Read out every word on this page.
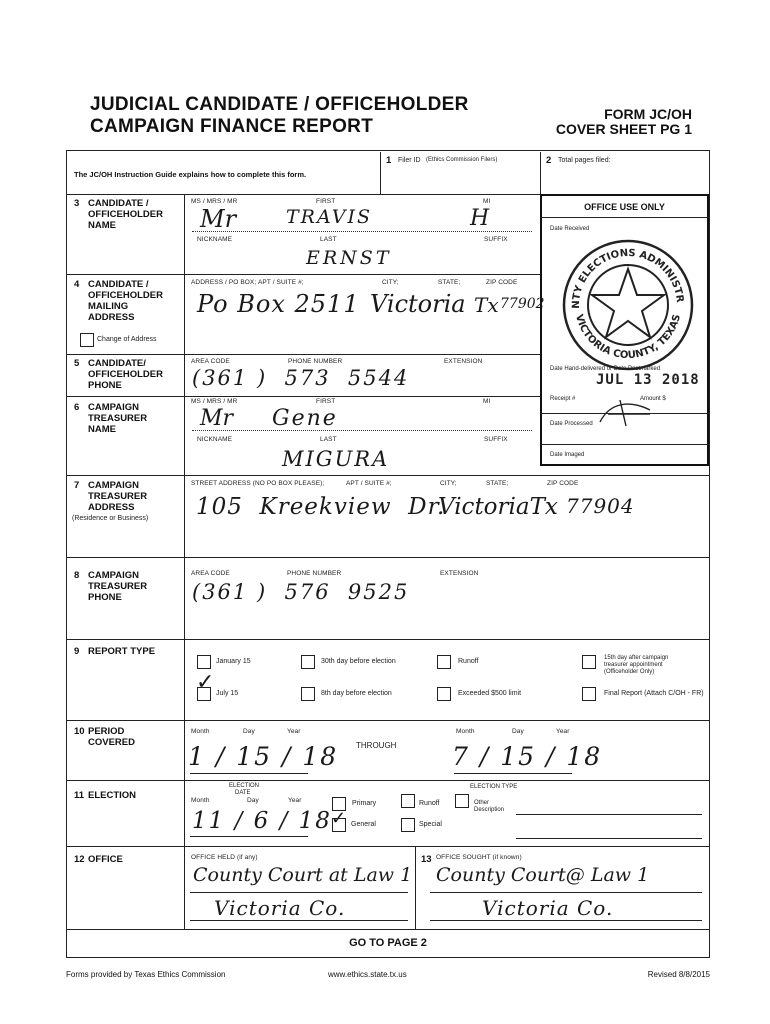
JUDICIAL CANDIDATE / OFFICEHOLDER
CAMPAIGN FINANCE REPORT
FORM JC/OH
COVER SHEET PG 1
The JC/OH Instruction Guide explains how to complete this form.
1 Filer ID (Ethics Commission Filers)	2 Total pages filed:
OFFICE USE ONLY
Date Received
Date Hand-delivered or Date Postmarked
Receipt #	Amount $
Date Processed
Date Imaged
NTY ELECTIONS ADMINISTR
VICTORIA COUNTY, TEXAS
JUL 13 2018
3 CANDIDATE /
OFFICEHOLDER
NAME
MS / MRS / MR	FIRST	MI
Mr	TRAVIS	H
NICKNAME	LAST	SUFFIX
ERNST
4 CANDIDATE /
OFFICEHOLDER
MAILING
ADDRESS
Change of Address
ADDRESS / PO BOX; APT / SUITE #;	CITY;	STATE;	ZIP CODE
Po Box 2511 Victoria Tx 77902
5 CANDIDATE/
OFFICEHOLDER
PHONE
AREA CODE	PHONE NUMBER	EXTENSION
(361 )  573  5544
6 CAMPAIGN
TREASURER
NAME
MS / MRS / MR	FIRST	MI
Mr Gene
NICKNAME	LAST	SUFFIX
MIGURA
7 CAMPAIGN
TREASURER
ADDRESS
(Residence or Business)
STREET ADDRESS (NO PO BOX PLEASE);	APT / SUITE #;	CITY;	STATE;	ZIP CODE
105  Kreekview  Dr.
VictoriaTx 77904
8 CAMPAIGN
TREASURER
PHONE
AREA CODE	PHONE NUMBER	EXTENSION
(361 )  576  9525
9 REPORT TYPE
January 15	30th day before election	Runoff	15th day after campaign
treasurer appointment
(Officeholder Only)
✓ July 15	8th day before election	Exceeded $500 limit	Final Report (Attach C/OH - FR)
10 PERIOD
COVERED
Month	Day	Year
1 / 15 / 18 THROUGH
Month	Day	Year
7 / 15 / 18
11 ELECTION
ELECTION
DATE
Month	Day	Year
11 / 6 / 18
Primary	Runoff	Other
Description
ELECTION TYPE
✓ General	Special
12 OFFICE	OFFICE HELD (if any)
County Court at Law 1
Victoria Co.
13 OFFICE SOUGHT (if known)
County Court@ Law 1
Victoria Co.
GO TO PAGE 2
Forms provided by Texas Ethics Commission	www.ethics.state.tx.us	Revised 8/8/2015
